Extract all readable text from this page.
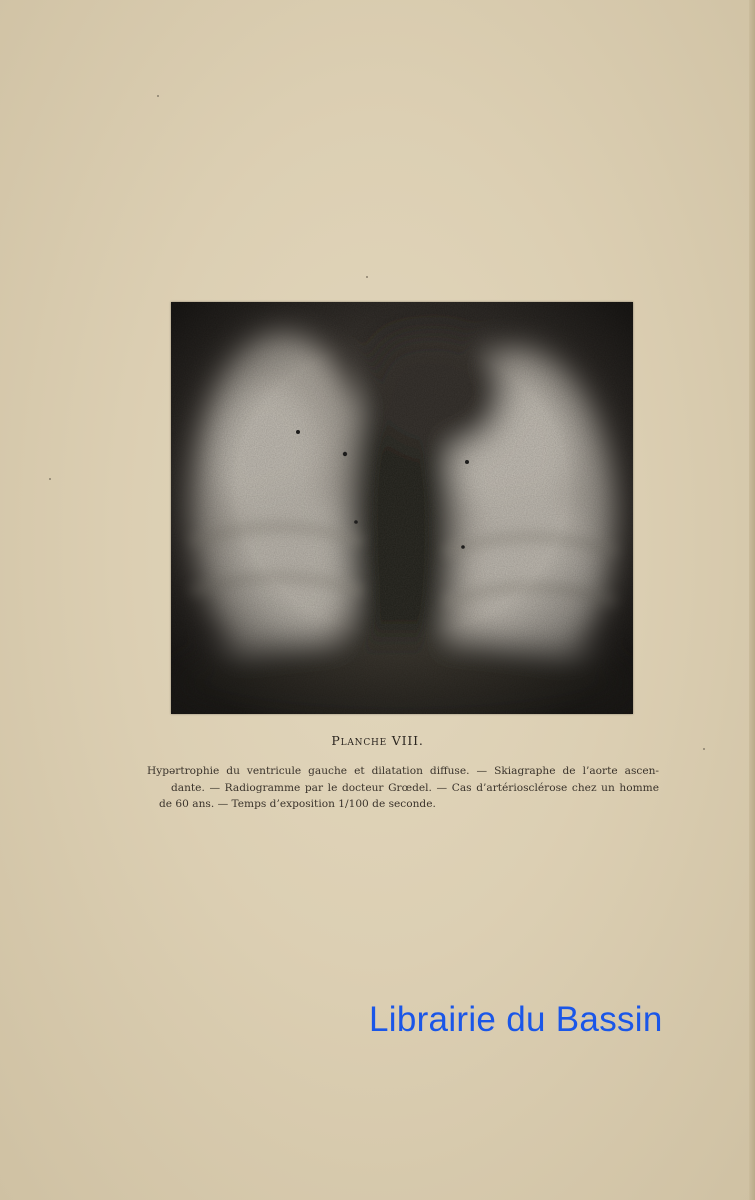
Planche VIII.
Hypərtrophie du ventricule gauche et dilatation diffuse. — Skiagraphe de l’aorte ascen-
dante. — Radiogramme par le docteur Grœdel. — Cas d’artériosclérose chez un homme
de 60 ans. — Temps d’exposition 1/100 de seconde.
Librairie du Bassin
